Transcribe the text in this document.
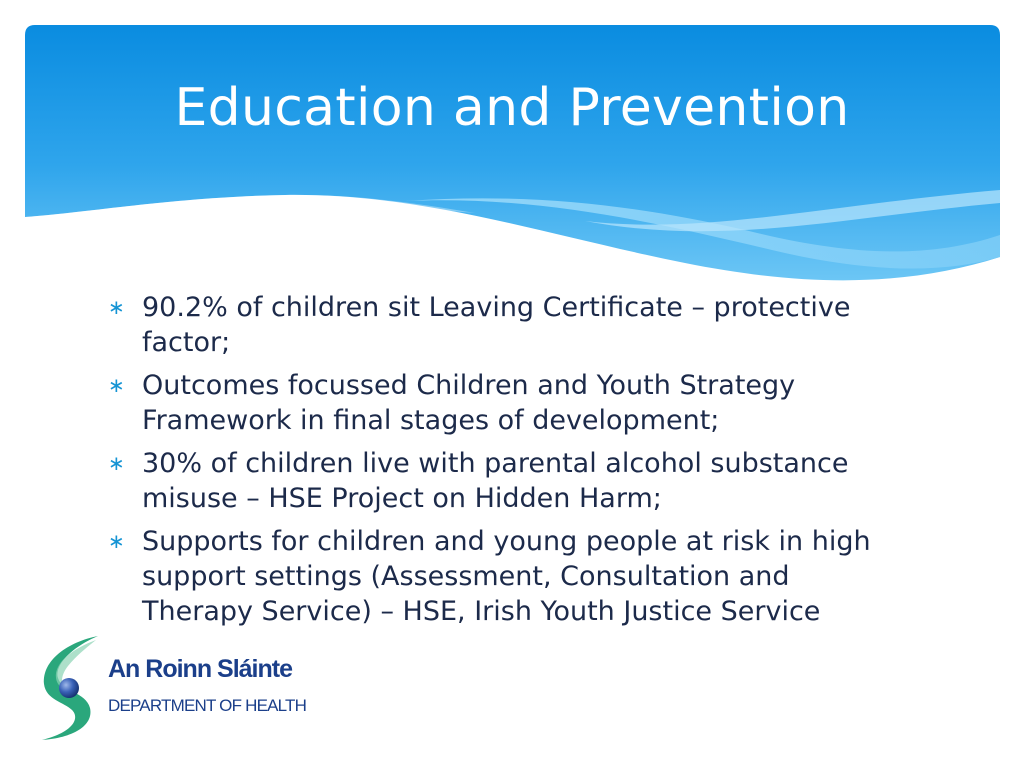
Education and Prevention
∗ 90.2% of children sit Leaving Certificate – protective factor;
∗ Outcomes focussed Children and Youth Strategy Framework in final stages of development;
∗ 30% of children live with parental alcohol substance misuse – HSE Project on Hidden Harm;
∗ Supports for children and young people at risk in high support settings (Assessment, Consultation and Therapy Service) – HSE, Irish Youth Justice Service
An Roinn Sláinte
DEPARTMENT OF HEALTH
